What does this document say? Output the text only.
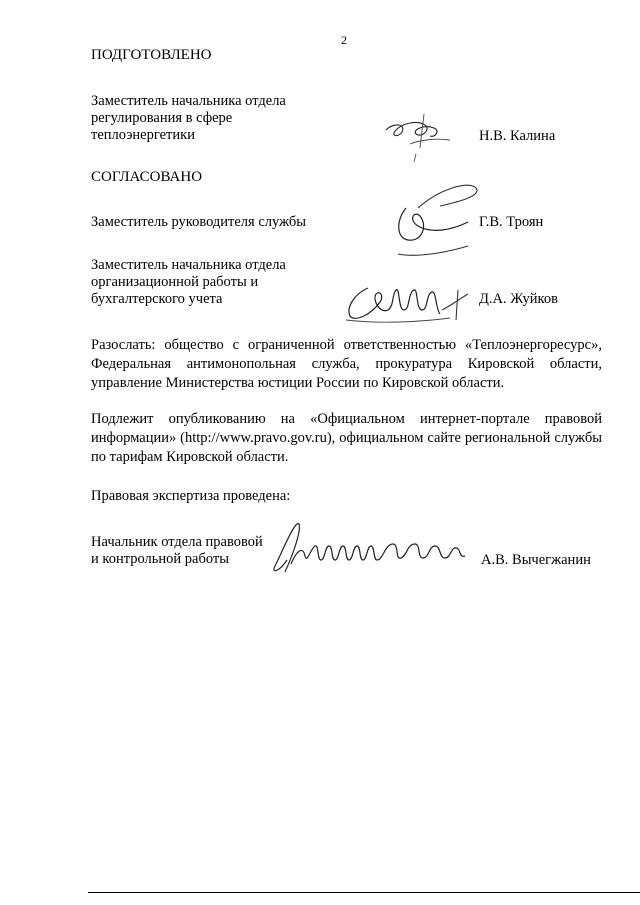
2
ПОДГОТОВЛЕНО
Заместитель начальника отдела
регулирования в сфере
теплоэнергетики	Н.В. Калина
СОГЛАСОВАНО
Заместитель руководителя службы	Г.В. Троян
Заместитель начальника отдела
организационной работы и
бухгалтерского учета	Д.А. Жуйков
Разослать: общество с ограниченной ответственностью «Теплоэнергоресурс», Федеральная антимонопольная служба, прокуратура Кировской области, управление Министерства юстиции России по Кировской области.
Подлежит опубликованию на «Официальном интернет-портале правовой информации» (http://www.pravo.gov.ru), официальном сайте региональной службы по тарифам Кировской области.
Правовая экспертиза проведена:
Начальник отдела правовой
и контрольной работы	А.В. Вычегжанин
